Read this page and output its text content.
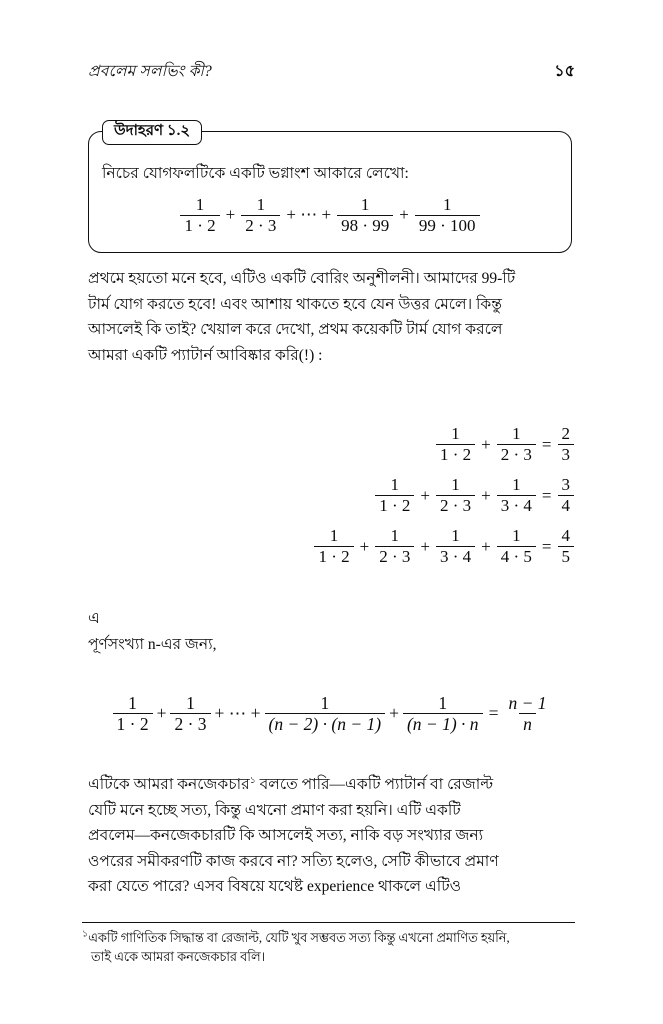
প্রবলেম সলভিং কী?	১৫
উদাহরণ ১.২
নিচের যোগফলটিকে একটি ভগ্নাংশ আকারে লেখো:
$\frac{1}{1 \cdot 2} + \frac{1}{2 \cdot 3}$ + ⋯ + $\frac{1}{98 \cdot 99} + \frac{1}{99 \cdot 100}$
প্রথমে হয়তো মনে হবে, এটিও একটি বোরিং অনুশীলনী। আমাদের 99-টি
টার্ম যোগ করতে হবে! এবং আশায় থাকতে হবে যেন উত্তর মেলে। কিন্তু
আসলেই কি তাই? খেয়াল করে দেখো, প্রথম কয়েকটি টার্ম যোগ করলে
আমরা একটি প্যাটার্ন আবিষ্কার করি(!) :
$\frac{1}{1 \cdot 2} + \frac{1}{2 \cdot 3} = \frac{2}{3}$
$\frac{1}{1 \cdot 2} + \frac{1}{2 \cdot 3} + \frac{1}{3 \cdot 4} = \frac{3}{4}$
$\frac{1}{1 \cdot 2} + \frac{1}{2 \cdot 3} + \frac{1}{3 \cdot 4} + \frac{1}{4 \cdot 5} = \frac{4}{5}$
এ
পূর্ণসংখ্যা n-এর জন্য,
$\frac{1}{1 \cdot 2} + \frac{1}{2 \cdot 3}$ + ⋯ + $\frac{1}{(n - 2) \cdot (n - 1)} + \frac{1}{(n - 1) \cdot n} = \frac{n - 1}{n}$
এটিকে আমরা কনজেকচার$^১$ বলতে পারি—একটি প্যাটার্ন বা রেজাল্ট
যেটি মনে হচ্ছে সত্য, কিন্তু এখনো প্রমাণ করা হয়নি। এটি একটি
প্রবলেম—কনজেকচারটি কি আসলেই সত্য, নাকি বড় সংখ্যার জন্য
ওপরের সমীকরণটি কাজ করবে না? সত্যি হলেও, সেটি কীভাবে প্রমাণ
করা যেতে পারে? এসব বিষয়ে যথেষ্ট experience থাকলে এটিও
$^১$একটি গাণিতিক সিদ্ধান্ত বা রেজাল্ট, যেটি খুব সম্ভবত সত্য কিন্তু এখনো প্রমাণিত হয়নি,
তাই একে আমরা কনজেকচার বলি।
